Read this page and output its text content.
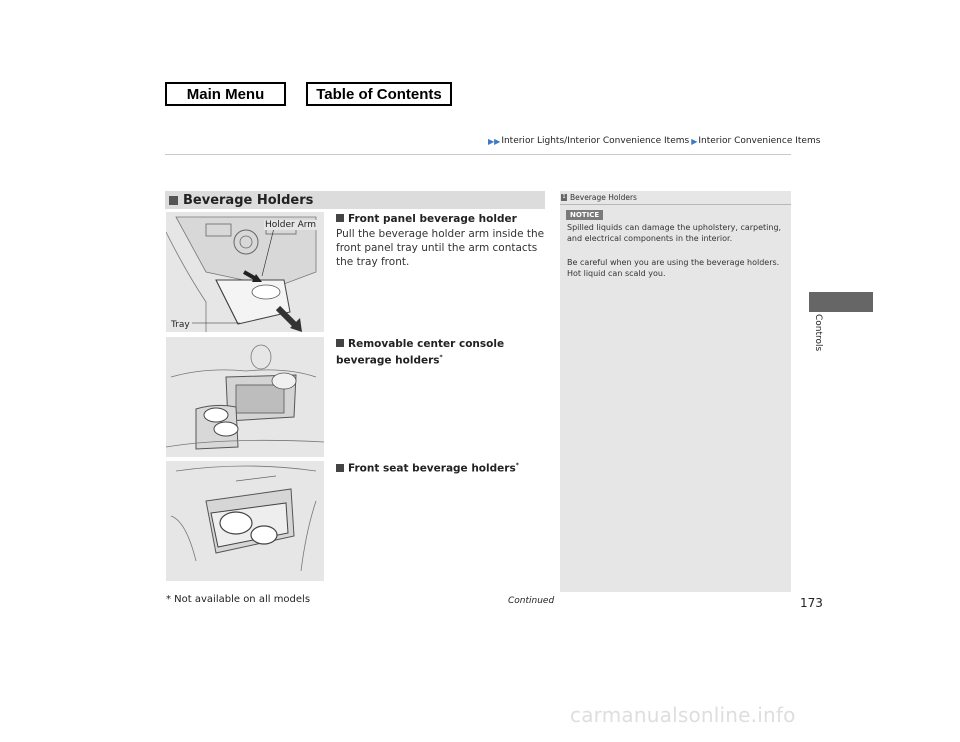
Main Menu	Table of Contents
▶▶ Interior Lights/Interior Convenience Items ▶ Interior Convenience Items
Beverage Holders
Holder Arm
Tray
Front panel beverage holder
Pull the beverage holder arm inside the front panel tray until the arm contacts the tray front.
Removable center console beverage holders*
Front seat beverage holders*
1 Beverage Holders
NOTICE
Spilled liquids can damage the upholstery, carpeting, and electrical components in the interior.
Be careful when you are using the beverage holders. Hot liquid can scald you.
Controls
* Not available on all models	Continued	173
carmanualsonline.info
